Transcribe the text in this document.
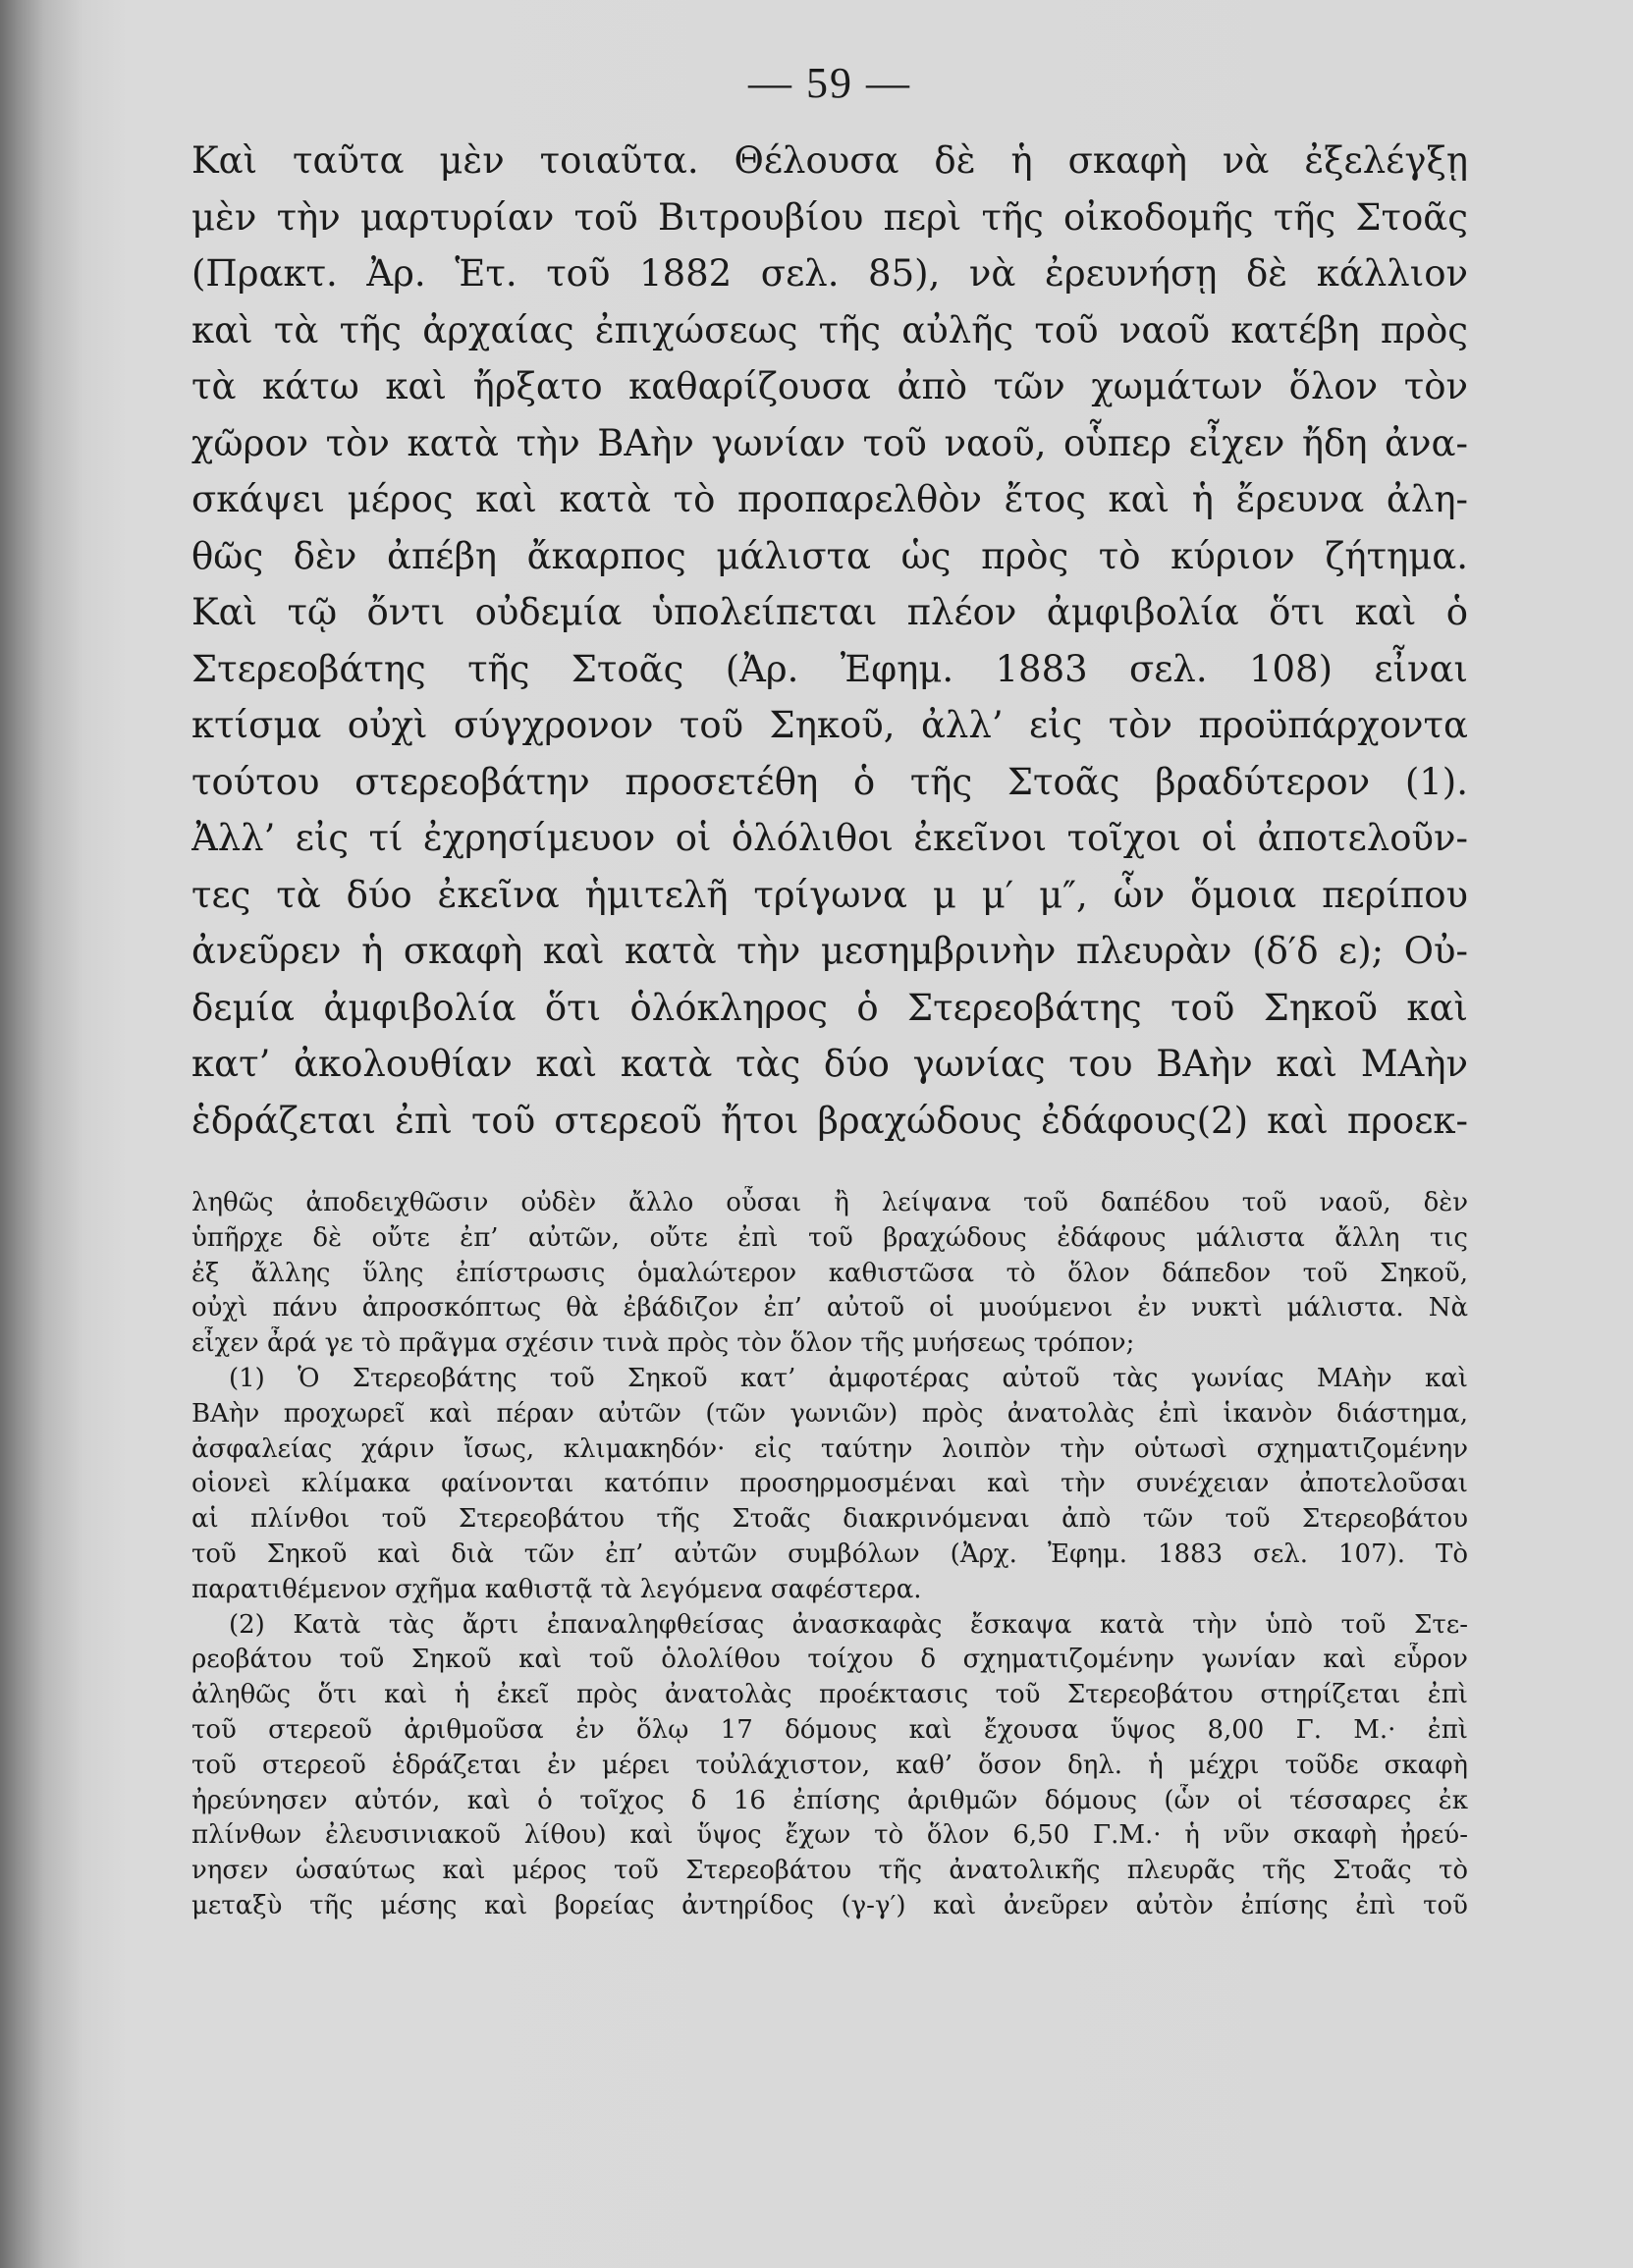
— 59 —
Καὶ ταῦτα μὲν τοιαῦτα. Θέλουσα δὲ ἡ σκαφὴ νὰ ἐξελέγξῃ
μὲν τὴν μαρτυρίαν τοῦ Βιτρουβίου περὶ τῆς οἰκοδομῆς τῆς Στοᾶς
(Πρακτ. Ἀρ. Ἑτ. τοῦ 1882 σελ. 85), νὰ ἐρευνήσῃ δὲ κάλλιον
καὶ τὰ τῆς ἀρχαίας ἐπιχώσεως τῆς αὐλῆς τοῦ ναοῦ κατέβη πρὸς
τὰ κάτω καὶ ἤρξατο καθαρίζουσα ἀπὸ τῶν χωμάτων ὅλον τὸν
χῶρον τὸν κατὰ τὴν ΒΑὴν γωνίαν τοῦ ναοῦ, οὗπερ εἶχεν ἤδη ἀνα-
σκάψει μέρος καὶ κατὰ τὸ προπαρελθὸν ἔτος καὶ ἡ ἔρευνα ἀλη-
θῶς δὲν ἀπέβη ἄκαρπος μάλιστα ὡς πρὸς τὸ κύριον ζήτημα.
Καὶ τῷ ὄντι οὐδεμία ὑπολείπεται πλέον ἀμφιβολία ὅτι καὶ ὁ
Στερεοβάτης τῆς Στοᾶς (Ἀρ. Ἐφημ. 1883 σελ. 108) εἶναι
κτίσμα οὐχὶ σύγχρονον τοῦ Σηκοῦ, ἀλλ’ εἰς τὸν προϋπάρχοντα
τούτου στερεοβάτην προσετέθη ὁ τῆς Στοᾶς βραδύτερον (1).
Ἀλλ’ εἰς τί ἐχρησίμευον οἱ ὁλόλιθοι ἐκεῖνοι τοῖχοι οἱ ἀποτελοῦν-
τες τὰ δύο ἐκεῖνα ἡμιτελῆ τρίγωνα μ μ′ μ″, ὧν ὅμοια περίπου
ἀνεῦρεν ἡ σκαφὴ καὶ κατὰ τὴν μεσημβρινὴν πλευρὰν (δ′δ ε); Οὐ-
δεμία ἀμφιβολία ὅτι ὁλόκληρος ὁ Στερεοβάτης τοῦ Σηκοῦ καὶ
κατ’ ἀκολουθίαν καὶ κατὰ τὰς δύο γωνίας του ΒΑὴν καὶ ΜΑὴν
ἑδράζεται ἐπὶ τοῦ στερεοῦ ἤτοι βραχώδους ἐδάφους(2) καὶ προεκ-
ληθῶς ἀποδειχθῶσιν οὐδὲν ἄλλο οὖσαι ἢ λείψανα τοῦ δαπέδου τοῦ ναοῦ, δὲν
ὑπῆρχε δὲ οὔτε ἐπ’ αὐτῶν, οὔτε ἐπὶ τοῦ βραχώδους ἐδάφους μάλιστα ἄλλη τις
ἐξ ἄλλης ὕλης ἐπίστρωσις ὁμαλώτερον καθιστῶσα τὸ ὅλον δάπεδον τοῦ Σηκοῦ,
οὐχὶ πάνυ ἀπροσκόπτως θὰ ἐβάδιζον ἐπ’ αὐτοῦ οἱ μυούμενοι ἐν νυκτὶ μάλιστα. Νὰ
εἶχεν ἆρά γε τὸ πρᾶγμα σχέσιν τινὰ πρὸς τὸν ὅλον τῆς μυήσεως τρόπον;
(1) Ὁ Στερεοβάτης τοῦ Σηκοῦ κατ’ ἀμφοτέρας αὐτοῦ τὰς γωνίας ΜΑὴν καὶ
ΒΑὴν προχωρεῖ καὶ πέραν αὐτῶν (τῶν γωνιῶν) πρὸς ἀνατολὰς ἐπὶ ἱκανὸν διάστημα,
ἀσφαλείας χάριν ἴσως, κλιμακηδόν· εἰς ταύτην λοιπὸν τὴν οὑτωσὶ σχηματιζομένην
οἱονεὶ κλίμακα φαίνονται κατόπιν προσηρμοσμέναι καὶ τὴν συνέχειαν ἀποτελοῦσαι
αἱ πλίνθοι τοῦ Στερεοβάτου τῆς Στοᾶς διακρινόμεναι ἀπὸ τῶν τοῦ Στερεοβάτου
τοῦ Σηκοῦ καὶ διὰ τῶν ἐπ’ αὐτῶν συμβόλων (Ἀρχ. Ἐφημ. 1883 σελ. 107). Τὸ
παρατιθέμενον σχῆμα καθιστᾷ τὰ λεγόμενα σαφέστερα.
(2) Κατὰ τὰς ἄρτι ἐπαναληφθείσας ἀνασκαφὰς ἔσκαψα κατὰ τὴν ὑπὸ τοῦ Στε-
ρεοβάτου τοῦ Σηκοῦ καὶ τοῦ ὁλολίθου τοίχου δ σχηματιζομένην γωνίαν καὶ εὗρον
ἀληθῶς ὅτι καὶ ἡ ἐκεῖ πρὸς ἀνατολὰς προέκτασις τοῦ Στερεοβάτου στηρίζεται ἐπὶ
τοῦ στερεοῦ ἀριθμοῦσα ἐν ὅλῳ 17 δόμους καὶ ἔχουσα ὕψος 8,00 Γ. Μ.· ἐπὶ
τοῦ στερεοῦ ἑδράζεται ἐν μέρει τοὐλάχιστον, καθ’ ὅσον δηλ. ἡ μέχρι τοῦδε σκαφὴ
ἠρεύνησεν αὐτόν, καὶ ὁ τοῖχος δ 16 ἐπίσης ἀριθμῶν δόμους (ὧν οἱ τέσσαρες ἐκ
πλίνθων ἐλευσινιακοῦ λίθου) καὶ ὕψος ἔχων τὸ ὅλον 6,50 Γ.Μ.· ἡ νῦν σκαφὴ ἠρεύ-
νησεν ὡσαύτως καὶ μέρος τοῦ Στερεοβάτου τῆς ἀνατολικῆς πλευρᾶς τῆς Στοᾶς τὸ
μεταξὺ τῆς μέσης καὶ βορείας ἀντηρίδος (γ-γ′) καὶ ἀνεῦρεν αὐτὸν ἐπίσης ἐπὶ τοῦ
